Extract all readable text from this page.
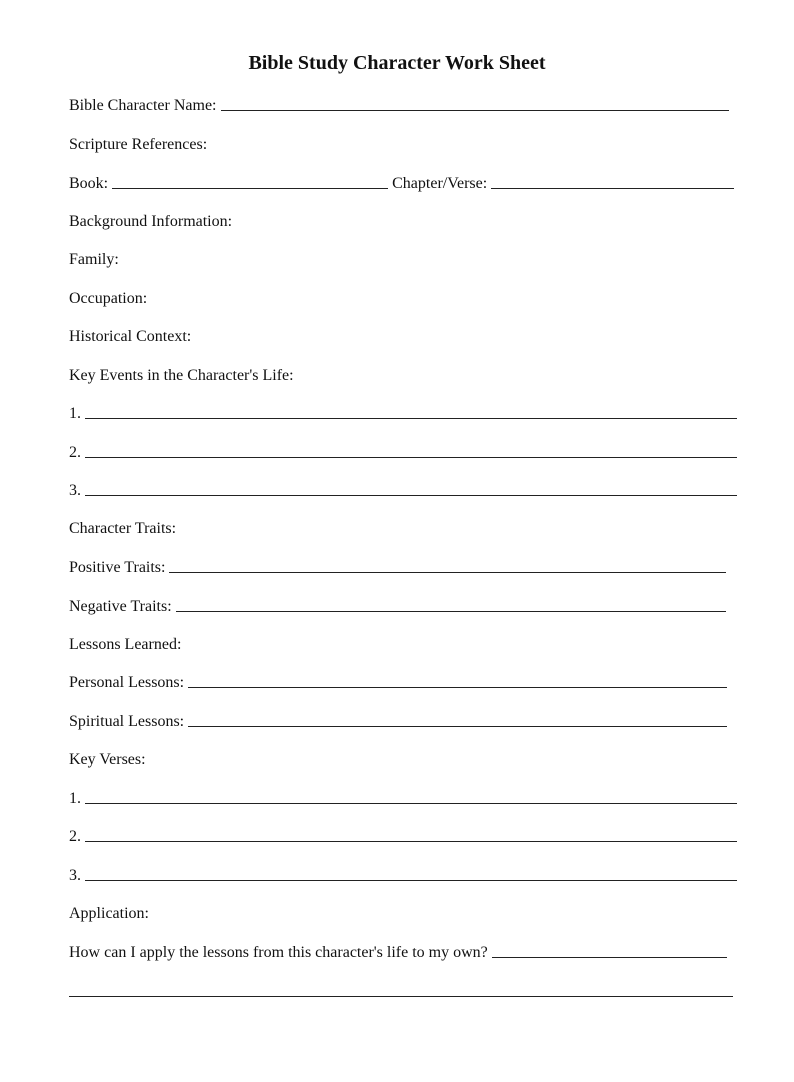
Bible Study Character Work Sheet
Bible Character Name:
Scripture References:
Book:	Chapter/Verse:
Background Information:
Family:
Occupation:
Historical Context:
Key Events in the Character's Life:
1.
2.
3.
Character Traits:
Positive Traits:
Negative Traits:
Lessons Learned:
Personal Lessons:
Spiritual Lessons:
Key Verses:
1.
2.
3.
Application:
How can I apply the lessons from this character's life to my own?
